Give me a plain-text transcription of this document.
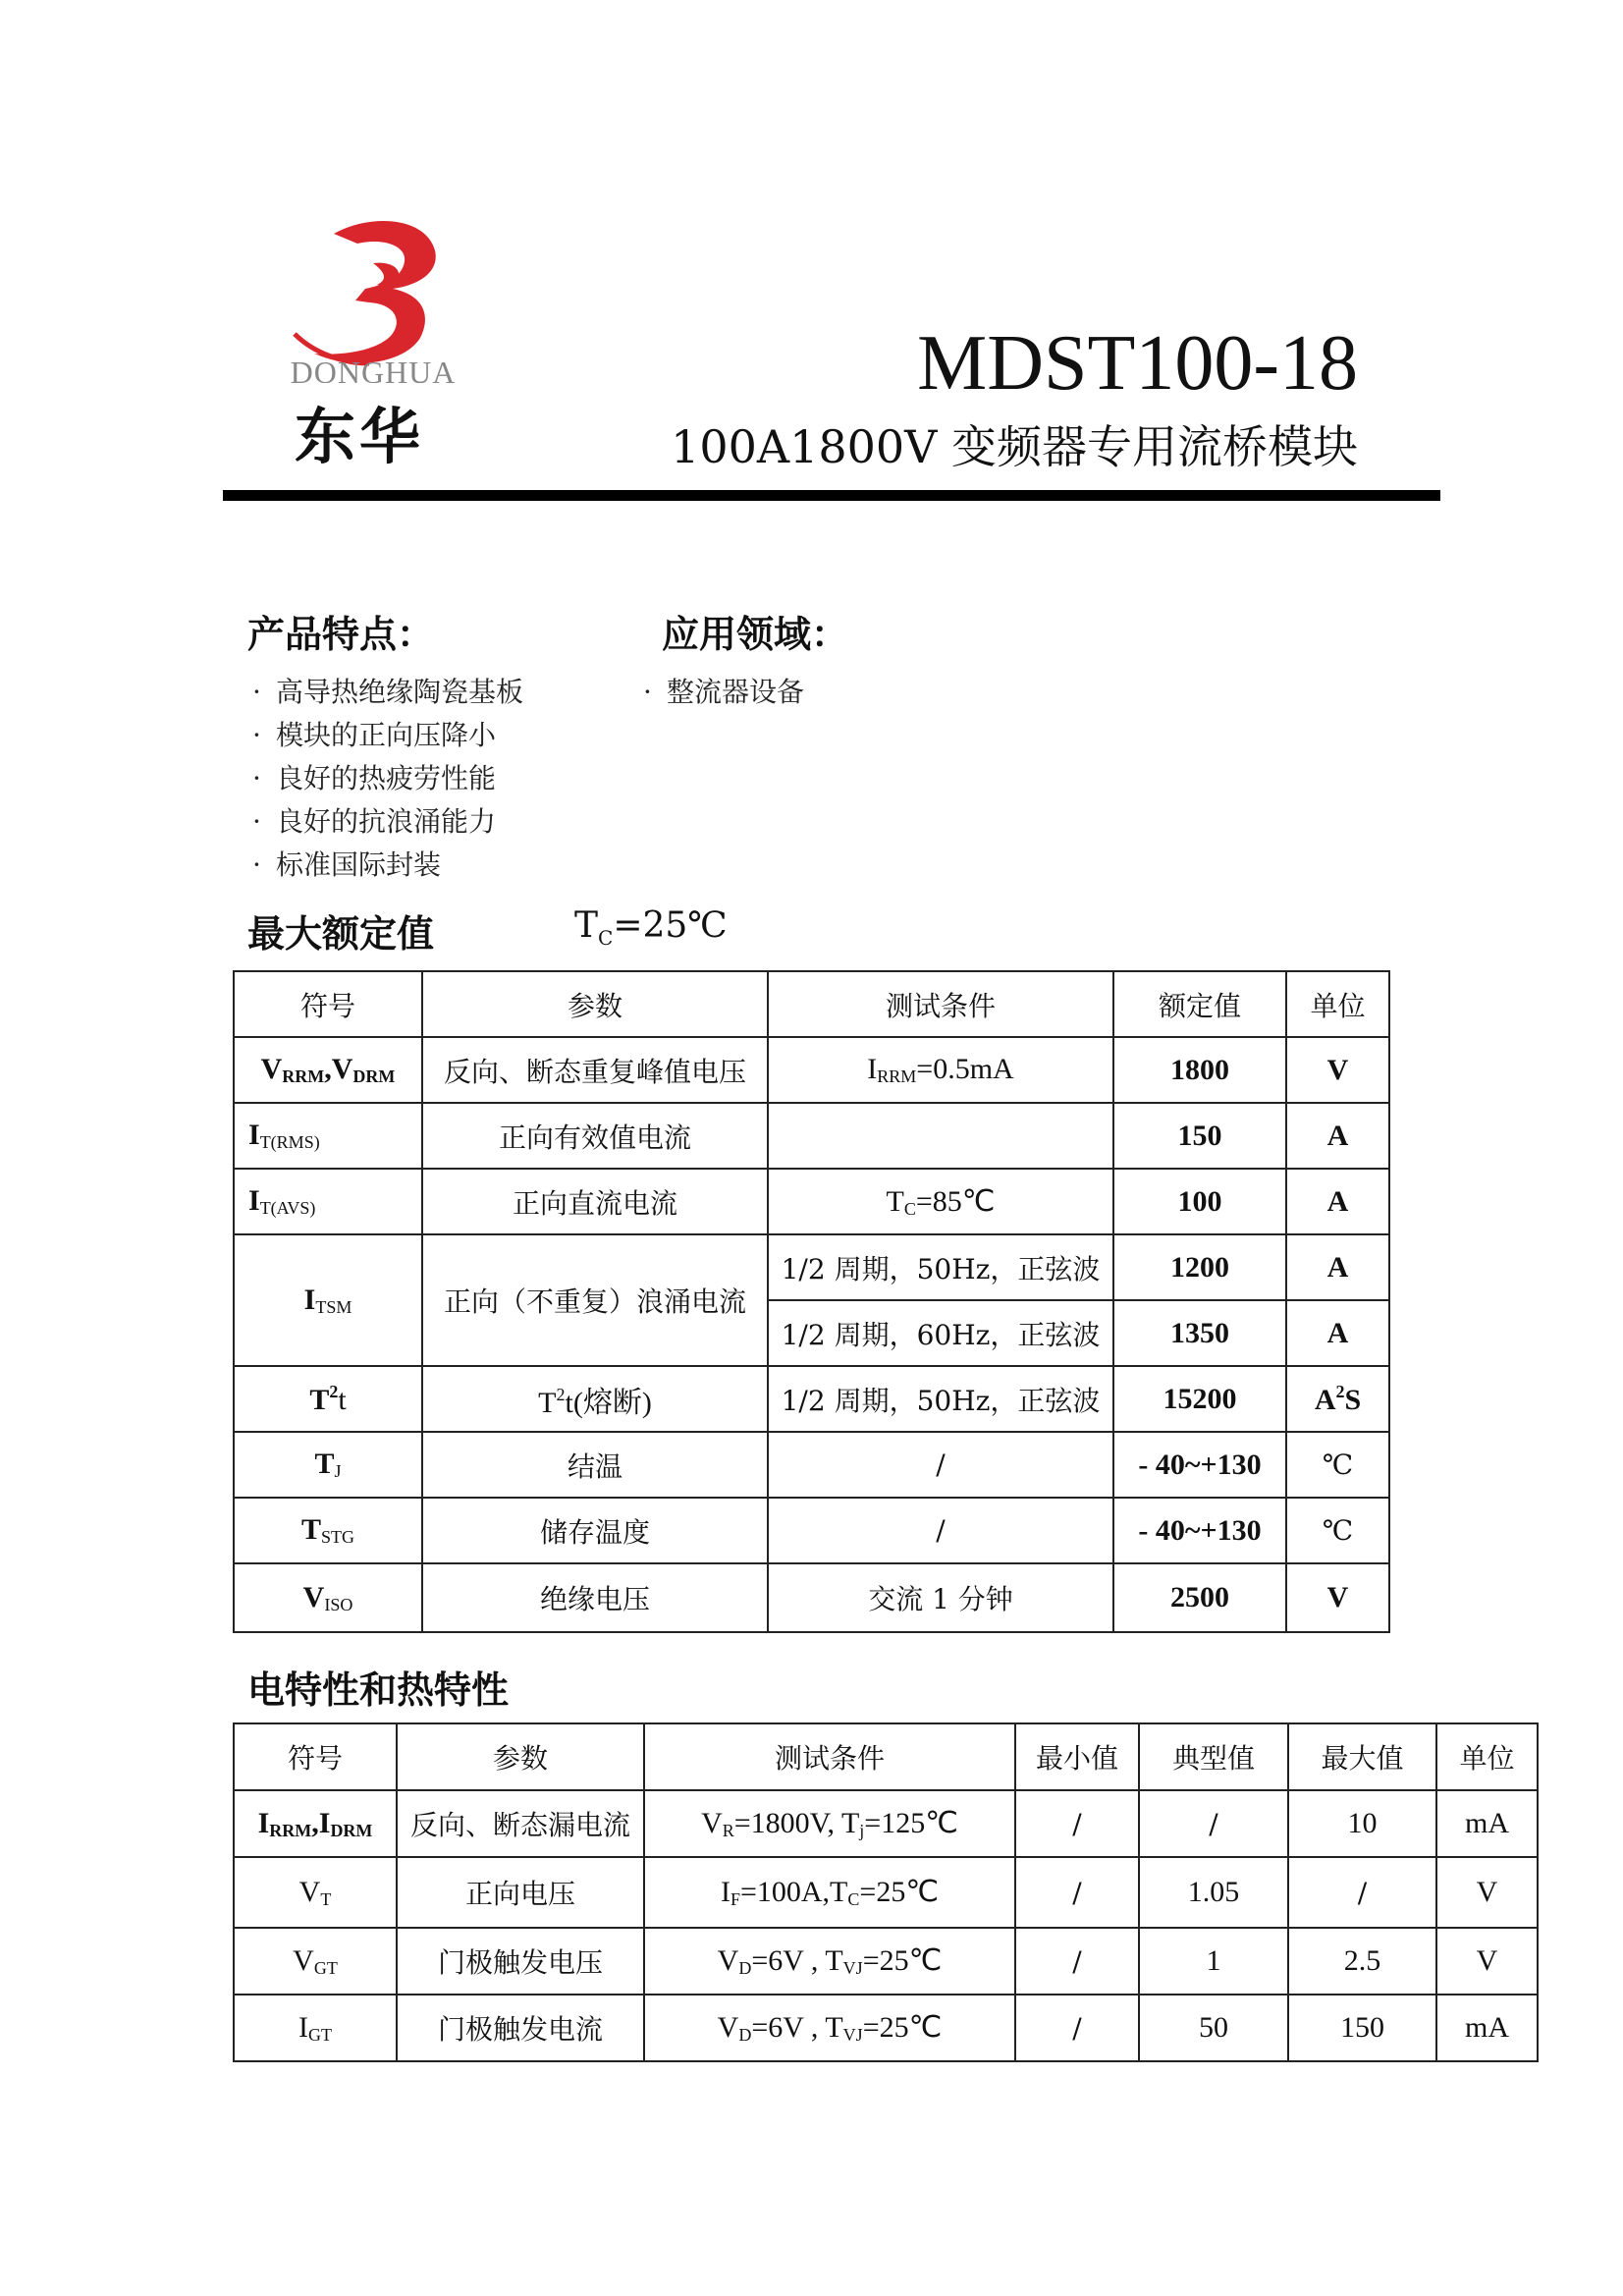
DONGHUA
东华
MDST100-18
100A1800V 变频器专用流桥模块
产品特点：	应用领域：
· 高导热绝缘陶瓷基板
· 模块的正向压降小
· 良好的热疲劳性能
· 良好的抗浪涌能力
· 标准国际封装
· 整流器设备
最大额定值	$T_C=25℃$
符号	参数	测试条件	额定值	单位
$V_{RRM},V_{DRM}$	反向、断态重复峰值电压	$I_{RRM}=0.5mA$	1800	V
$I_{T(RMS)}$	正向有效值电流		150	A
$I_{T(AVS)}$	正向直流电流	$T_C=85℃$	100	A
$I_{TSM}$	正向（不重复）浪涌电流	1/2 周期，50Hz，正弦波	1200	A
		1/2 周期，60Hz，正弦波	1350	A
$T^2t$	$T^2t$(熔断)	1/2 周期，50Hz，正弦波	15200	$A^2S$
$T_J$	结温	/	- 40~+130	℃
$T_{STG}$	储存温度	/	- 40~+130	℃
$V_{ISO}$	绝缘电压	交流 1 分钟	2500	V
电特性和热特性
符号	参数	测试条件	最小值	典型值	最大值	单位
$I_{RRM},I_{DRM}$	反向、断态漏电流	$V_R=1800V$, $T_j=125℃$	/	/	10	mA
$V_T$	正向电压	$I_F=100A,T_C=25℃$	/	1.05	/	V
$V_{GT}$	门极触发电压	$V_D=6V$ , $T_{VJ}=25℃$	/	1	2.5	V
$I_{GT}$	门极触发电流	$V_D=6V$ , $T_{VJ}=25℃$	/	50	150	mA
